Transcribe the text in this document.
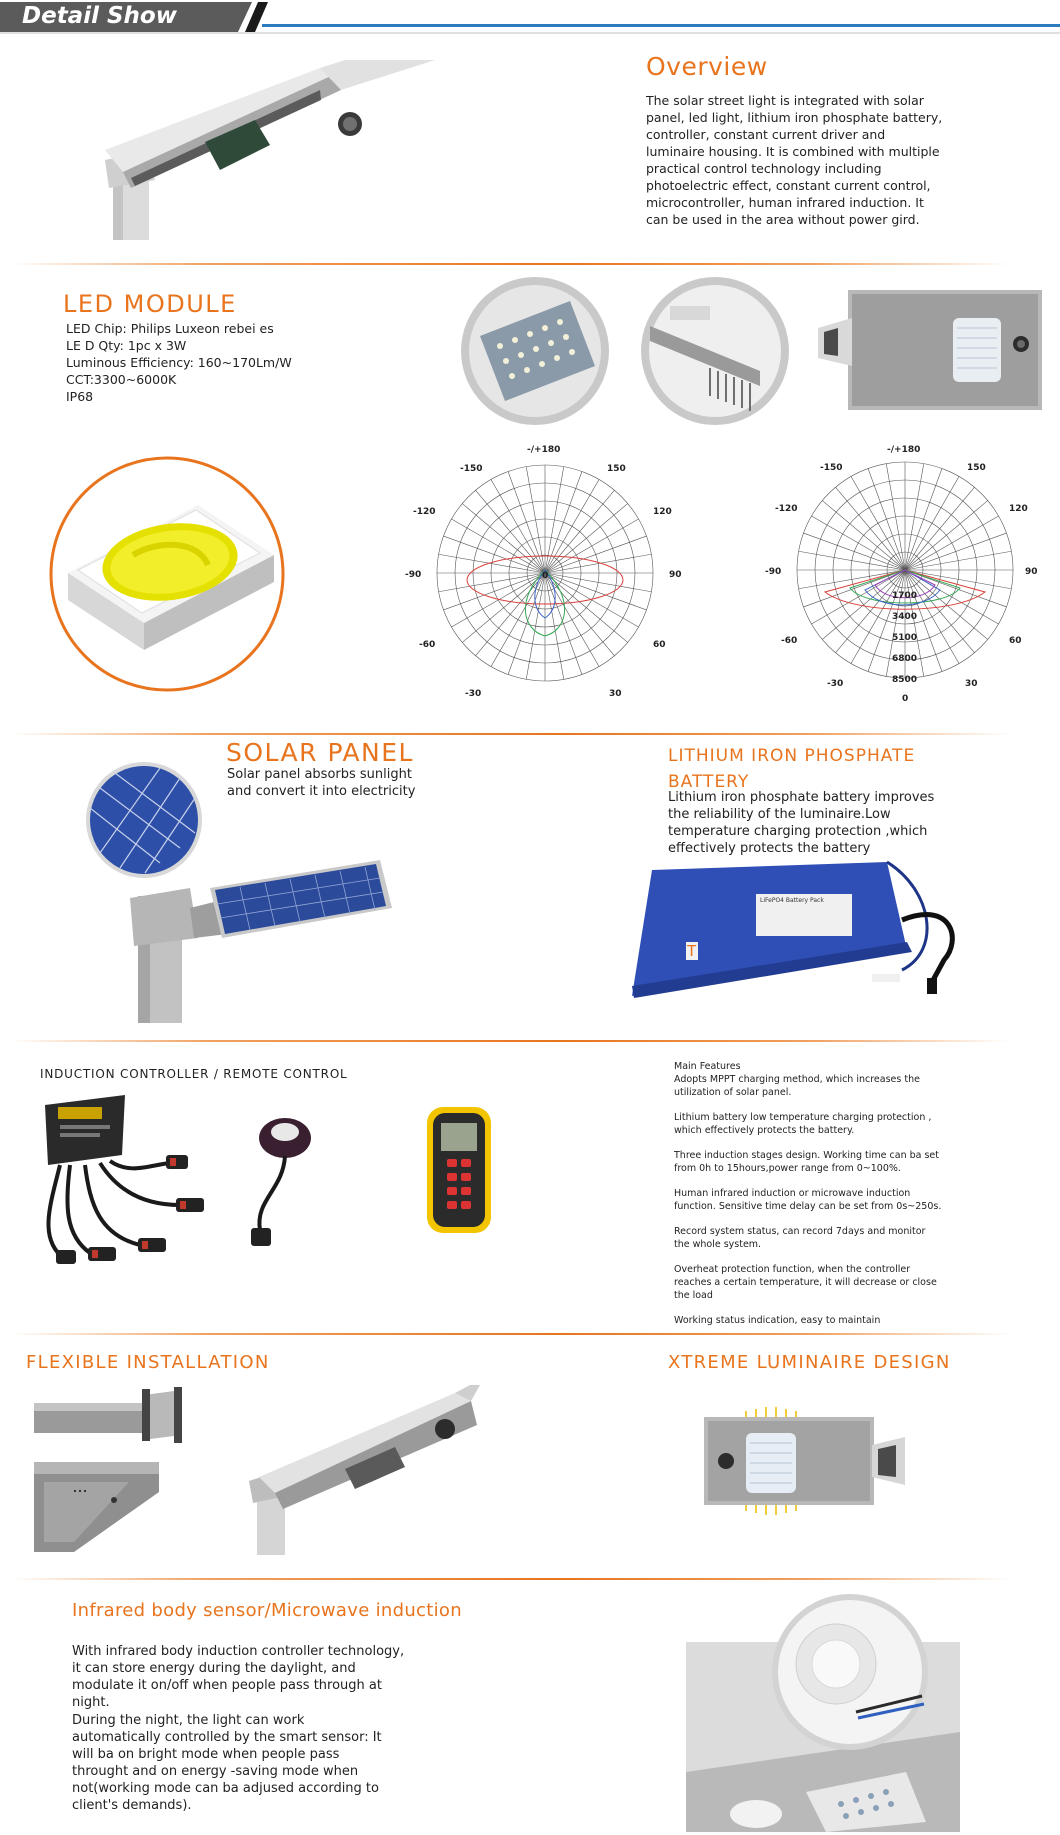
Detail Show
Overview
The solar street light is integrated with solar panel, led light, lithium iron phosphate battery, controller, constant current driver and luminaire housing. It is combined with multiple practical control technology including photoelectric effect, constant current control, microcontroller, human infrared induction. It can be used in the area without power gird.
LED MODULE
LED Chip: Philips Luxeon rebei es
LE D Qty: 1pc x 3W
Luminous Efficiency: 160~170Lm/W
CCT:3300~6000K
IP68
-/+180
-150	150
-120	120
-90	90
-60	60
-30	30
0
-/+180
-150	150
-120	120
-90	90
-60	60
-30	30
0
1700
3400
5100
6800
8500
SOLAR PANEL
Solar panel absorbs sunlight and convert it into electricity
LITHIUM IRON PHOSPHATE BATTERY
Lithium iron phosphate battery improves the reliability of the luminaire.Low temperature charging protection ,which effectively protects the battery
LiFePO4 Battery Pack
T
INDUCTION CONTROLLER / REMOTE CONTROL
Main Features
Adopts MPPT charging method, which increases the utilization of solar panel.
Lithium battery low temperature charging protection , which effectively protects the battery.
Three induction stages design. Working time can ba set from 0h to 15hours,power range from 0~100%.
Human infrared induction or microwave induction function. Sensitive time delay can be set from 0s~250s.
Record system status, can record 7days and monitor the whole system.
Overheat protection function, when the controller reaches a certain temperature, it will decrease or close the load
Working status indication, easy to maintain
FLEXIBLE INSTALLATION	XTREME LUMINAIRE DESIGN
Infrared body sensor/Microwave induction
With infrared body induction controller technology, it can store energy during the daylight, and modulate it on/off when people pass through at night.
During the night, the light can work automatically controlled by the smart sensor: It will ba on bright mode when people pass throught and on energy -saving mode when not(working mode can ba adjused according to client's demands).
